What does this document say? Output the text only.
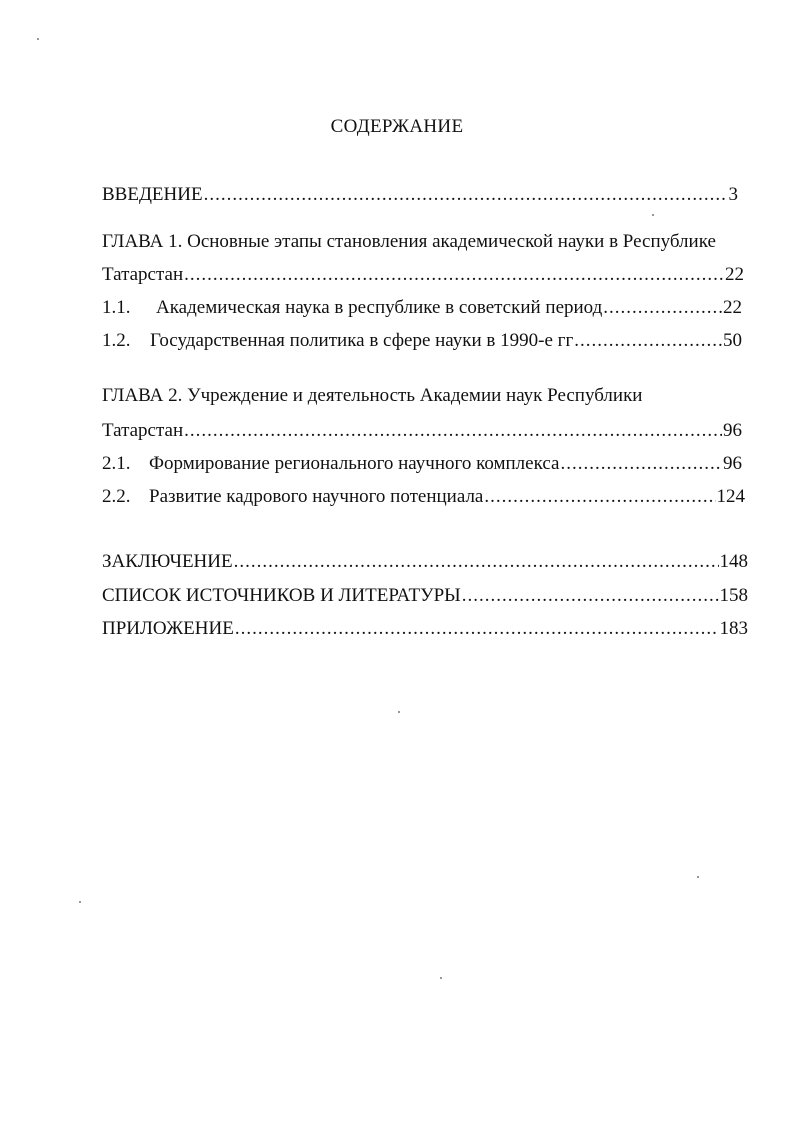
СОДЕРЖАНИЕ
ВВЕДЕНИЕ .....	3
ГЛАВА 1. Основные этапы становления академической науки в Республике
Татарстан .....	22
1.1.	Академическая наука в республике в советский период .....	22
1.2.	Государственная политика в сфере науки в 1990-е гг .....	50
ГЛАВА 2. Учреждение и деятельность Академии наук Республики
Татарстан .....	96
2.1. Формирование регионального научного комплекса .....	96
2.2. Развитие кадрового научного потенциала .....	124
ЗАКЛЮЧЕНИЕ .....	148
СПИСОК ИСТОЧНИКОВ И ЛИТЕРАТУРЫ .....	158
ПРИЛОЖЕНИЕ .....	183
